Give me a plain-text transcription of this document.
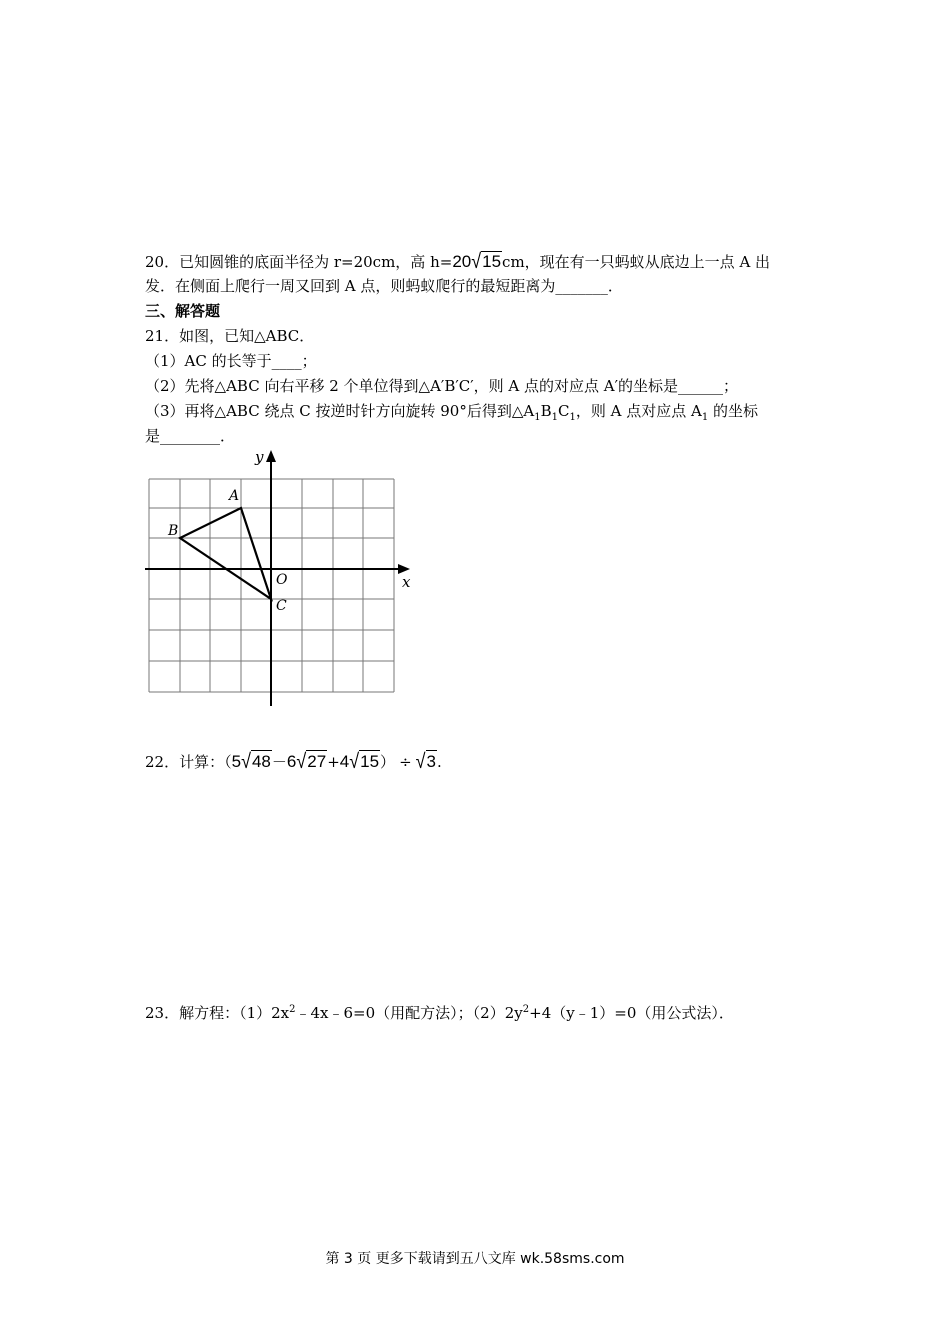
20．已知圆锥的底面半径为 r=20cm，高 h=20√15cm，现在有一只蚂蚁从底边上一点 A 出
发．在侧面上爬行一周又回到 A 点，则蚂蚁爬行的最短距离为_______．
三、解答题
21．如图，已知△ABC．
（1）AC 的长等于____；
（2）先将△ABC 向右平移 2 个单位得到△A′B′C′，则 A 点的对应点 A′的坐标是______；
（3）再将△ABC 绕点 C 按逆时针方向旋转 90°后得到$\triangle A_1B_1C_1$，则 A 点对应点 $A_1$ 的坐标
是________．
y
x
O
A
B
C
22．计算：（5√48－6√27+4√15） ÷ √3.
23．解方程：$(1)2x^2﹣4x﹣6=0$（用配方法）；$(2)2y^2+4(y﹣1)=0$（用公式法）．
第 3 页 更多下载请到五八文库 wk.58sms.com
